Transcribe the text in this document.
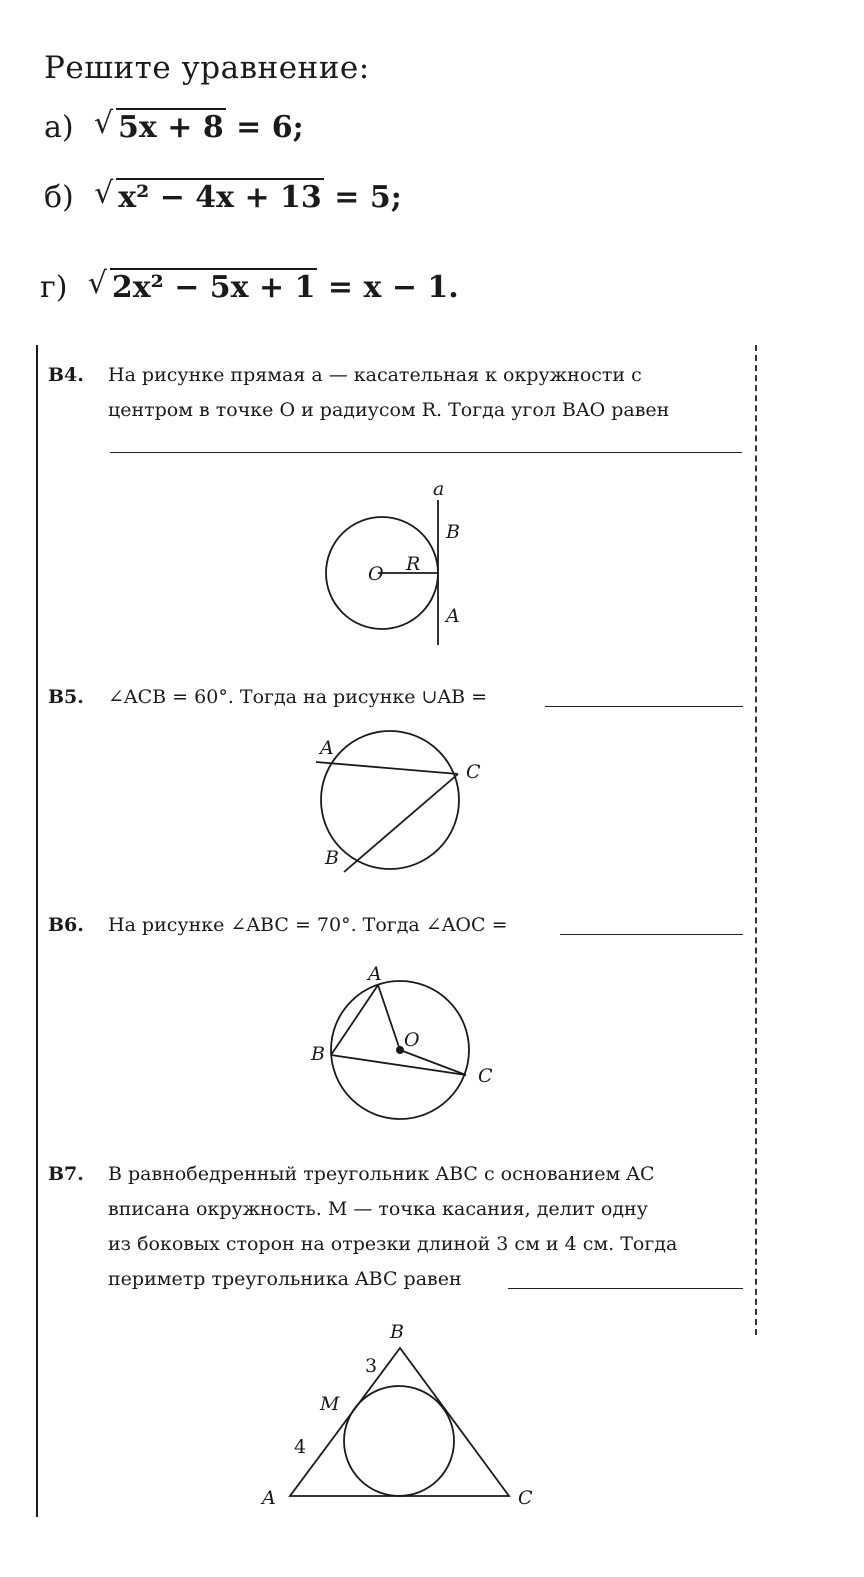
Решите уравнение:
а) √ 5x + 8 = 6;
б) √ x² − 4x + 13 = 5;
г) √ 2x² − 5x + 1 = x − 1.
B4. На рисунке прямая a — касательная к окружности с
центром в точке O и радиусом R. Тогда угол BAO равен
a
B
O R
A
B5. ∠ACB = 60°. Тогда на рисунке ∪AB =
A
C
B
B6. На рисунке ∠ABC = 70°. Тогда ∠AOC =
A
O
B
C
B7. В равнобедренный треугольник ABC с основанием AC
вписана окружность. M — точка касания, делит одну
из боковых сторон на отрезки длиной 3 см и 4 см. Тогда
периметр треугольника ABC равен
B
3
M
4
A	C
